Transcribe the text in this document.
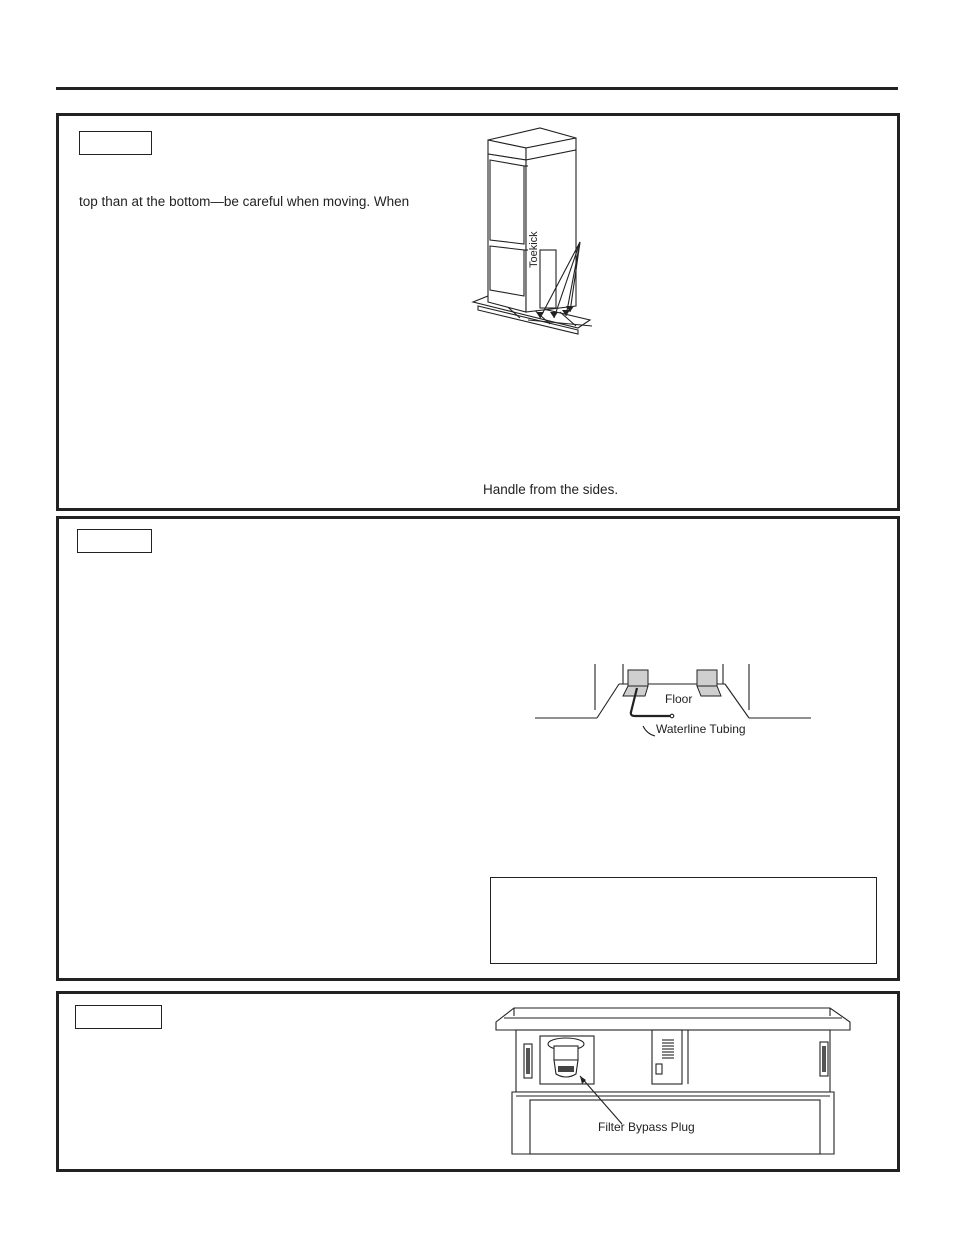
top than at the bottom—be careful when moving. When
Toekick
Handle from the sides.
Floor
Waterline Tubing
Filter Bypass Plug
